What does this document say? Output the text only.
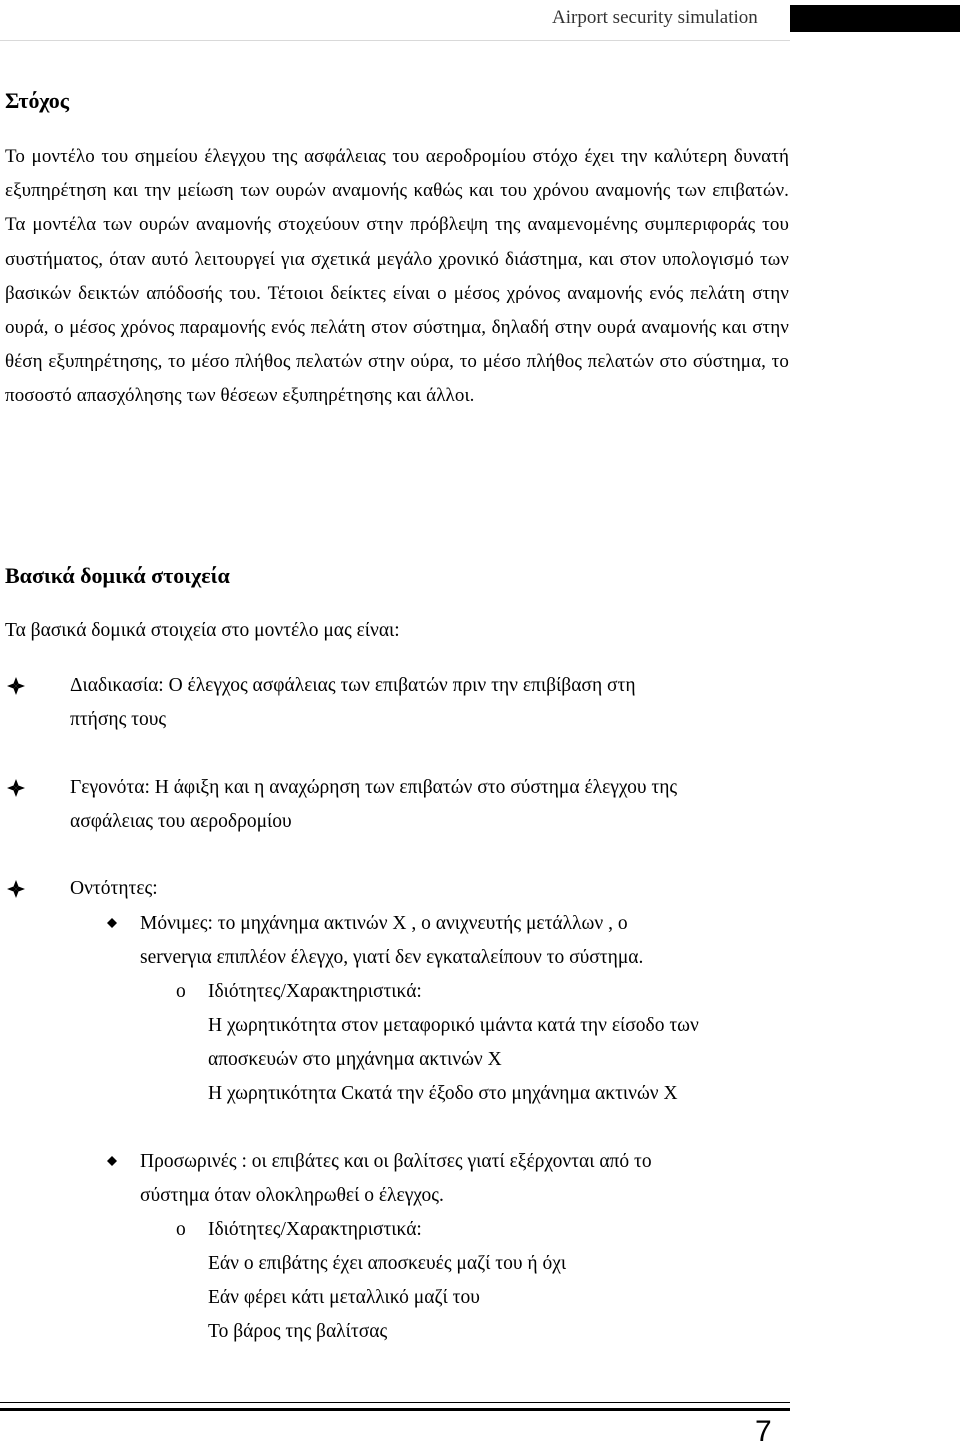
Airport security simulation
Στόχος

Το μοντέλο του σημείου έλεγχου της ασφάλειας του αεροδρομίου στόχο έχει την καλύτερη δυνατή εξυπηρέτηση και την μείωση των ουρών αναμονής καθώς και του χρόνου αναμονής των επιβατών. Τα μοντέλα των ουρών αναμονής στοχεύουν στην πρόβλεψη της αναμενομένης συμπεριφοράς του συστήματος, όταν αυτό λειτουργεί για σχετικά μεγάλο χρονικό διάστημα, και στον υπολογισμό των βασικών δεικτών απόδοσής του. Τέτοιοι δείκτες είναι ο μέσος χρόνος αναμονής ενός πελάτη στην ουρά, ο μέσος χρόνος παραμονής ενός πελάτη στον σύστημα, δηλαδή στην ουρά αναμονής και στην θέση εξυπηρέτησης, το μέσο πλήθος πελατών στην ούρα, το μέσο πλήθος πελατών στο σύστημα, το ποσοστό απασχόλησης των θέσεων εξυπηρέτησης και άλλοι.

Βασικά δομικά στοιχεία
Τα βασικά δομικά στοιχεία στο μοντέλο μας είναι:
Διαδικασία: Ο έλεγχος ασφάλειας των επιβατών πριν την επιβίβαση στη
πτήσης τους
Γεγονότα: Η άφιξη και η αναχώρηση των επιβατών στο σύστημα έλεγχου της
ασφάλειας του αεροδρομίου
Οντότητες:
Μόνιμες: το μηχάνημα ακτινών Χ , ο ανιχνευτής μετάλλων , ο
serverγια επιπλέον έλεγχο, γιατί δεν εγκαταλείπουν το σύστημα.
o Ιδιότητες/Χαρακτηριστικά:
Η χωρητικότητα στον μεταφορικό ιμάντα κατά την είσοδο των
αποσκευών στο μηχάνημα ακτινών Χ
Η χωρητικότητα Cκατά την έξοδο στο μηχάνημα ακτινών Χ
Προσωρινές : οι επιβάτες και οι βαλίτσες γιατί εξέρχονται από το
σύστημα όταν ολοκληρωθεί ο έλεγχος.
o Ιδιότητες/Χαρακτηριστικά:
Εάν ο επιβάτης έχει αποσκευές μαζί του ή όχι
Εάν φέρει κάτι μεταλλικό μαζί του
Το βάρος της βαλίτσας
7
